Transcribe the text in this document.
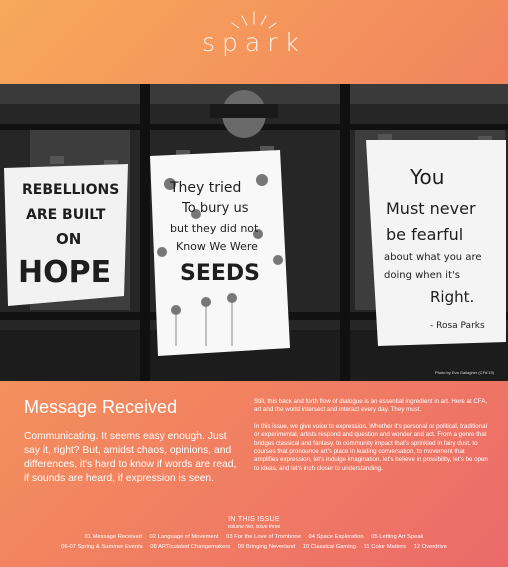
spark
REBELLIONS
ARE BUILT
ON
HOPE
They tried
To bury us
but they did not
Know We Were
SEEDS
You
Must never
be fearful
about what you are
doing when it's
Right.
- Rosa Parks
Photo by Eva Gallagher (CFA'19)
Message Received
Communicating. It seems easy enough. Just say it, right? But, amidst chaos, opinions, and differences, it's hard to know if words are read, if sounds are heard, if expression is seen.

Still, this back and forth flow of dialogue is an essential ingredient in art. Here at CFA, art and the world intersect and interact every day. They must.

In this issue, we give voice to expression. Whether it's personal or political, traditional or experimental, artists respond and question and wonder and act. From a genre that bridges classical and fantasy, to community impact that's sprinkled in fairy dust, to courses that pronounce art's place in leading conversation, to movement that amplifies expression, let's indulge imagination, let's believe in possibility, let's be open to ideas, and let's inch closer to understanding.

IN THIS ISSUE
volume two, issue three
01 Message Received 02 Language of Movement 03 For the Love of Trombone 04 Space Exploration 05 Letting Art Speak
06-07 Spring & Summer Events 08 ARTiculated Changemakers 09 Bringing Neverland 10 Classical Gaming 11 Color Matters 12 Overdrive
